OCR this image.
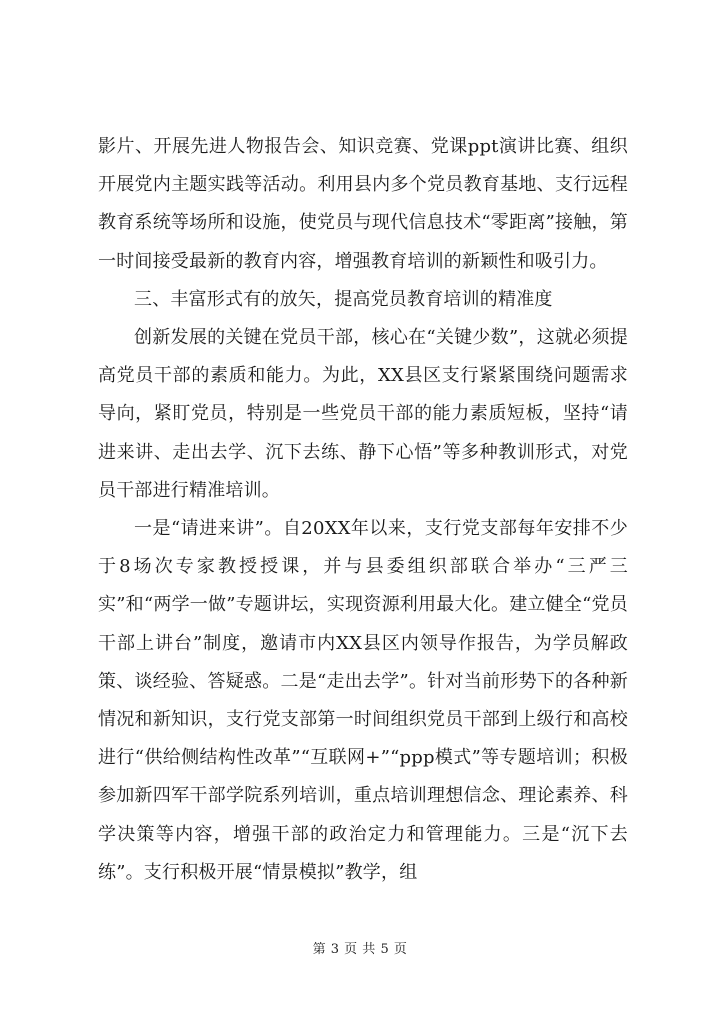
影片、开展先进人物报告会、知识竞赛、党课ppt演讲比赛、组织开展党内主题实践等活动。利用县内多个党员教育基地、支行远程教育系统等场所和设施，使党员与现代信息技术“零距离”接触，第一时间接受最新的教育内容，增强教育培训的新颖性和吸引力。

三、丰富形式有的放矢，提高党员教育培训的精准度

创新发展的关键在党员干部，核心在“关键少数”，这就必须提高党员干部的素质和能力。为此，XX县区支行紧紧围绕问题需求导向，紧盯党员，特别是一些党员干部的能力素质短板，坚持“请进来讲、走出去学、沉下去练、静下心悟”等多种教训形式，对党员干部进行精准培训。

一是“请进来讲”。自20XX年以来，支行党支部每年安排不少于8场次专家教授授课，并与县委组织部联合举办“三严三实”和“两学一做”专题讲坛，实现资源利用最大化。建立健全“党员干部上讲台”制度，邀请市内XX县区内领导作报告，为学员解政策、谈经验、答疑惑。二是“走出去学”。针对当前形势下的各种新情况和新知识，支行党支部第一时间组织党员干部到上级行和高校进行“供给侧结构性改革”“互联网+”“ppp模式”等专题培训；积极参加新四军干部学院系列培训，重点培训理想信念、理论素养、科学决策等内容，增强干部的政治定力和管理能力。三是“沉下去练”。支行积极开展“情景模拟”教学，组

第 3 页 共 5 页
